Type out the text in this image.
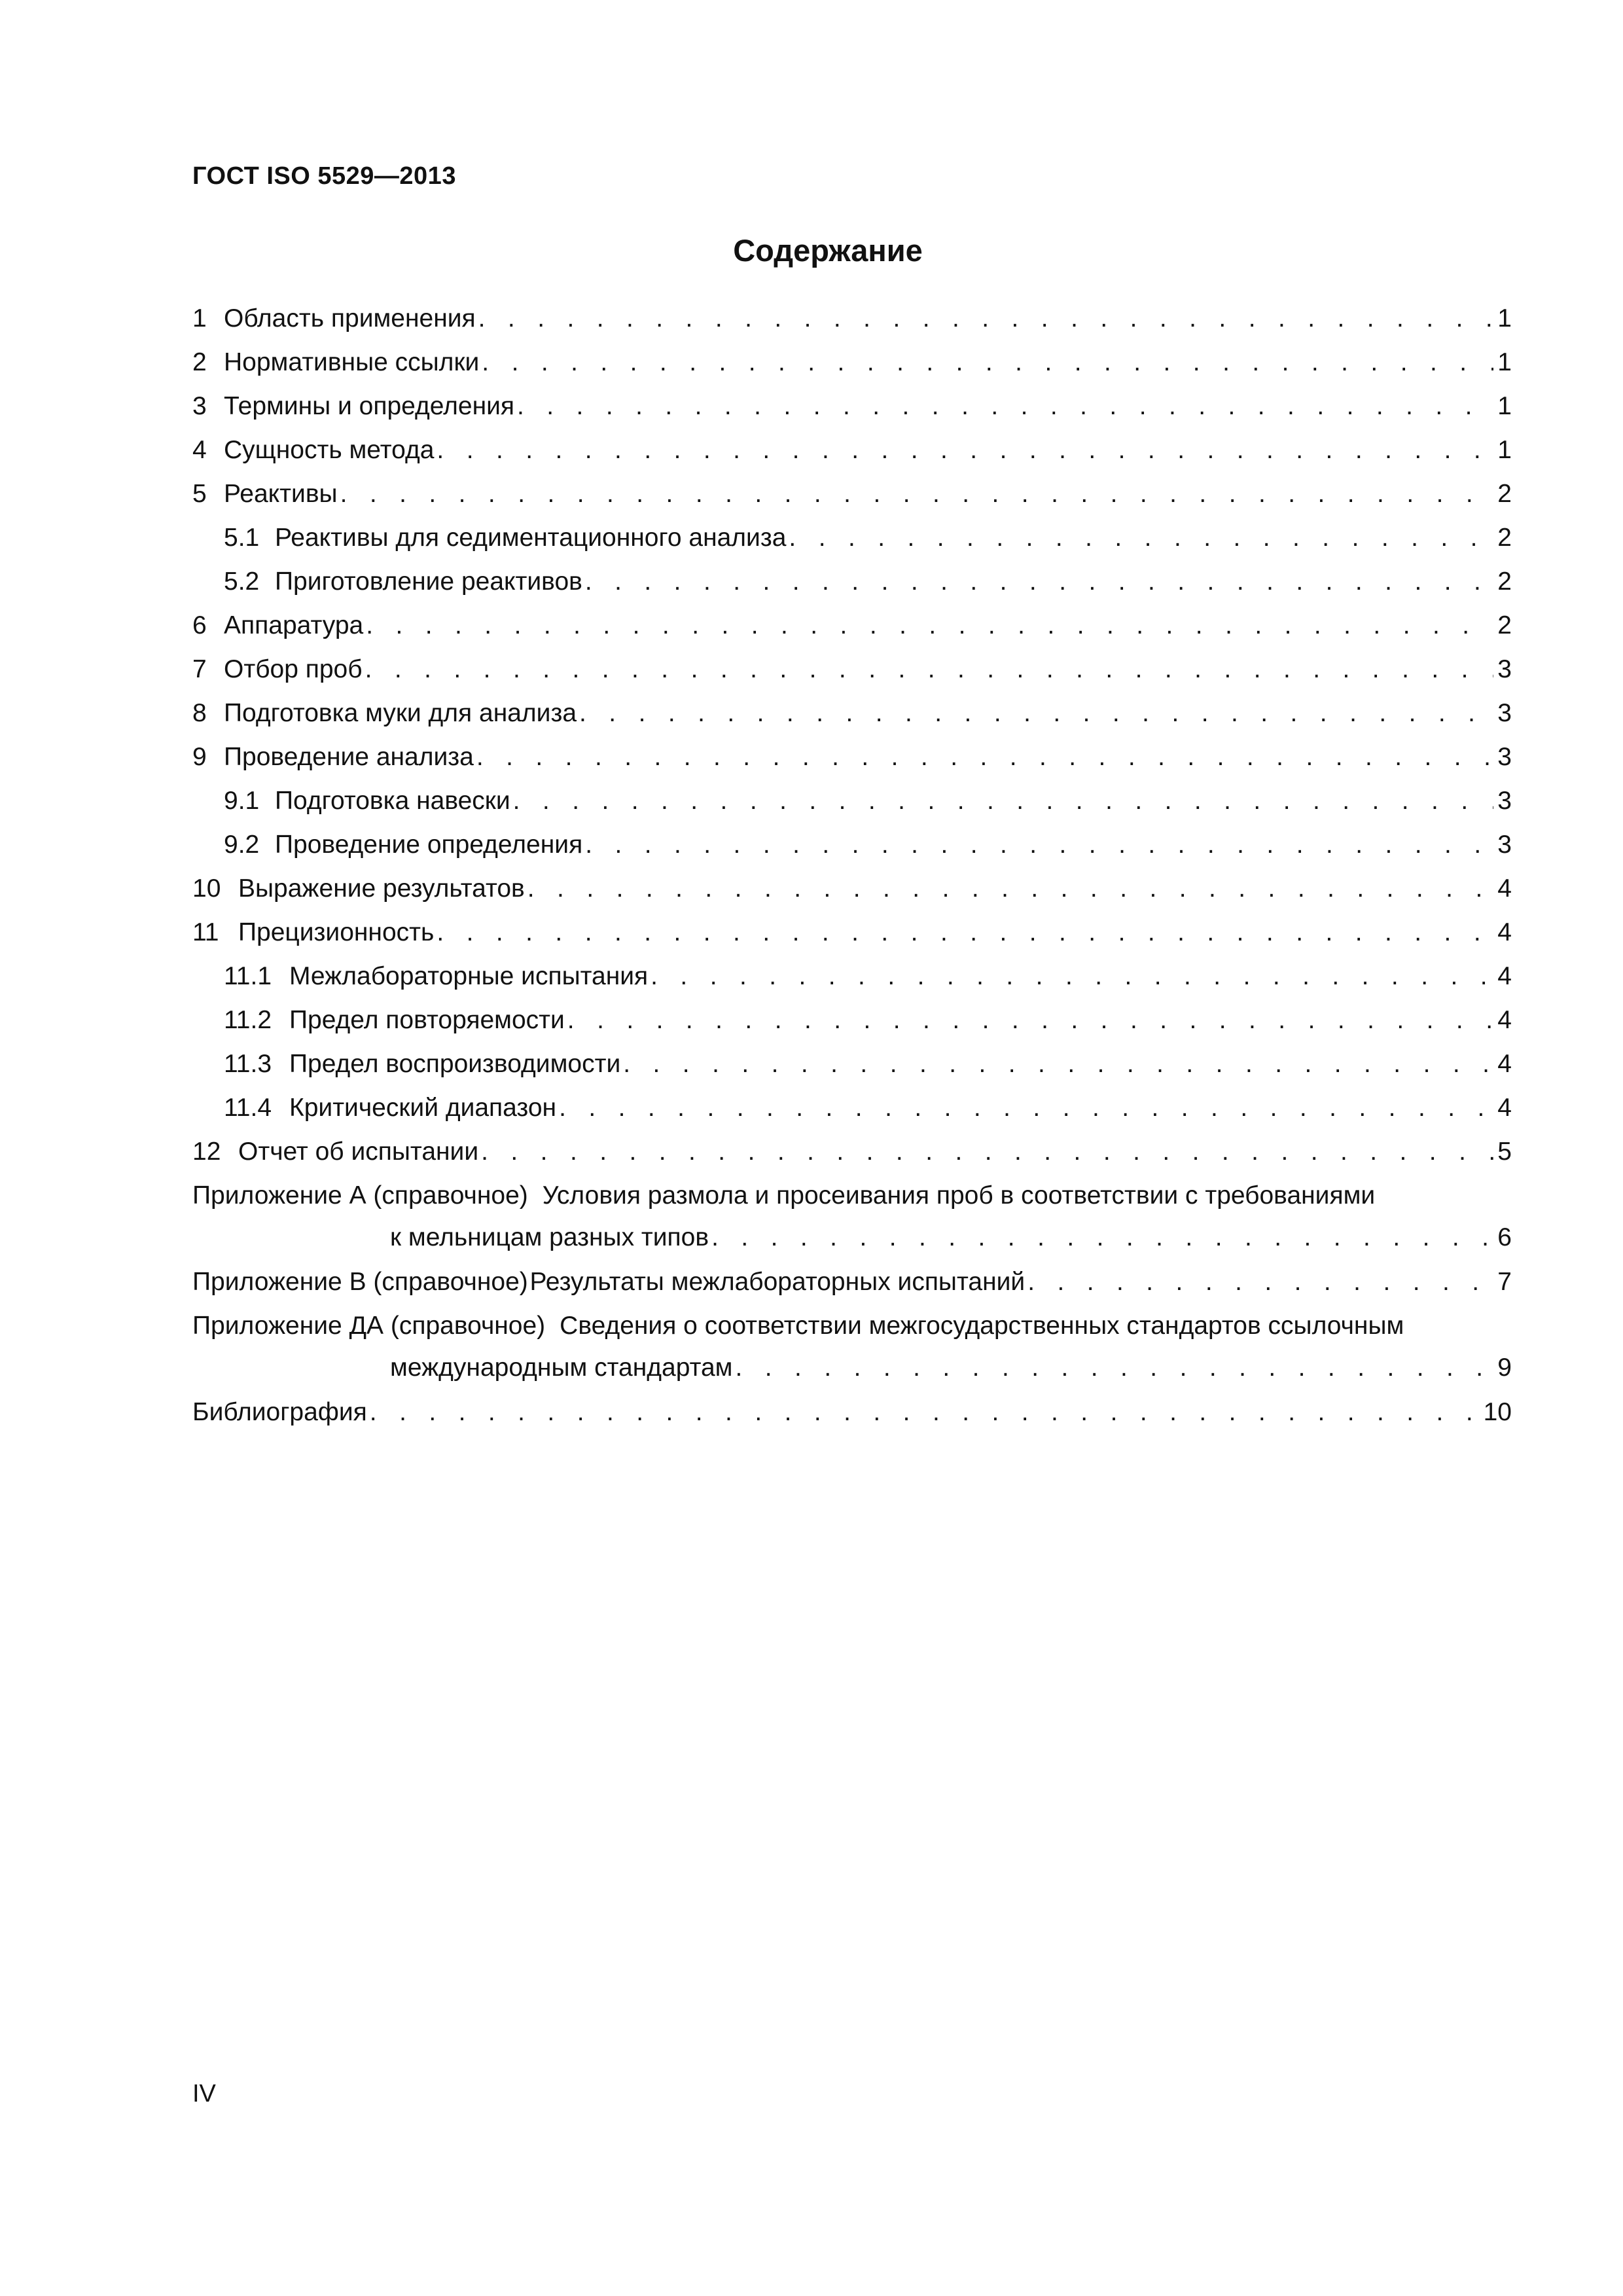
ГОСТ ISO 5529—2013
Содержание
1 Область применения . . .	1
2 Нормативные ссылки . . .	1
3 Термины и определения . . .	1
4 Сущность метода . . .	1
5 Реактивы . . .	2
5.1 Реактивы для седиментационного анализа . . .	2
5.2 Приготовление реактивов . . .	2
6 Аппаратура . . .	2
7 Отбор проб . . .	3
8 Подготовка муки для анализа . . .	3
9 Проведение анализа . . .	3
9.1 Подготовка навески . . .	3
9.2 Проведение определения . . .	3
10 Выражение результатов . . .	4
11 Прецизионность . . .	4
11.1 Межлабораторные испытания . . .	4
11.2 Предел повторяемости . . .	4
11.3 Предел воспроизводимости . . .	4
11.4 Критический диапазон . . .	4
12 Отчет об испытании . . .	5
Приложение А (справочное) Условия размола и просеивания проб в соответствии с требованиями
к мельницам разных типов . . .	6
Приложение В (справочное) Результаты межлабораторных испытаний . . .	7
Приложение ДА (справочное) Сведения о соответствии межгосударственных стандартов ссылочным
международным стандартам . . .	9
Библиография . . .	10
IV
